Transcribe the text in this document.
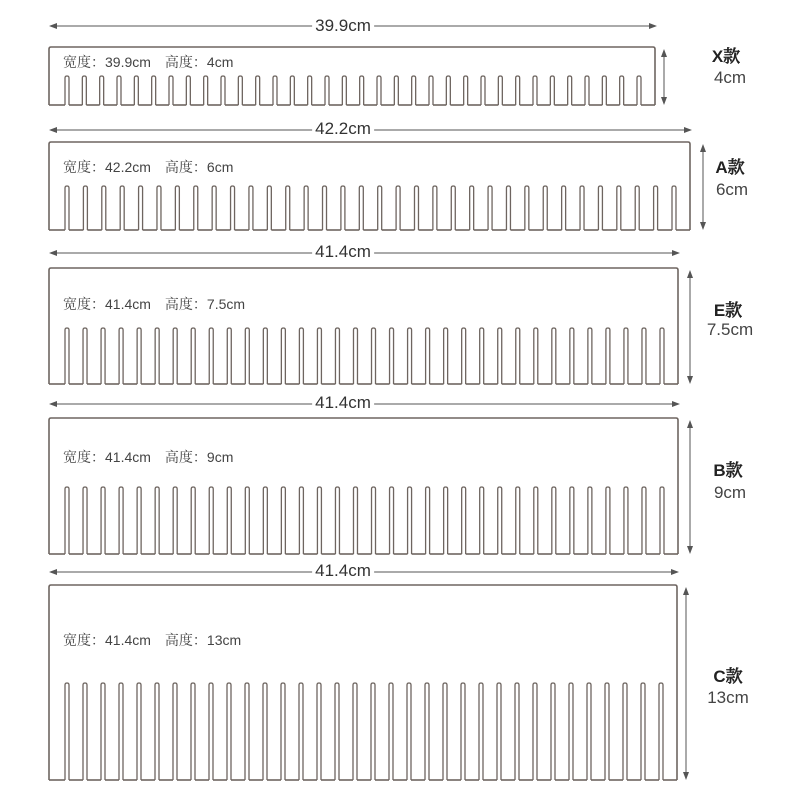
39.9cm
宽度：39.9cm 高度：4cm	X款
4cm
42.2cm
宽度：42.2cm 高度：6cm	A款
6cm
41.4cm
宽度：41.4cm 高度：7.5cm	E款
7.5cm
41.4cm
宽度：41.4cm 高度：9cm
B款
9cm
41.4cm
宽度：41.4cm 高度：13cm
C款
13cm
